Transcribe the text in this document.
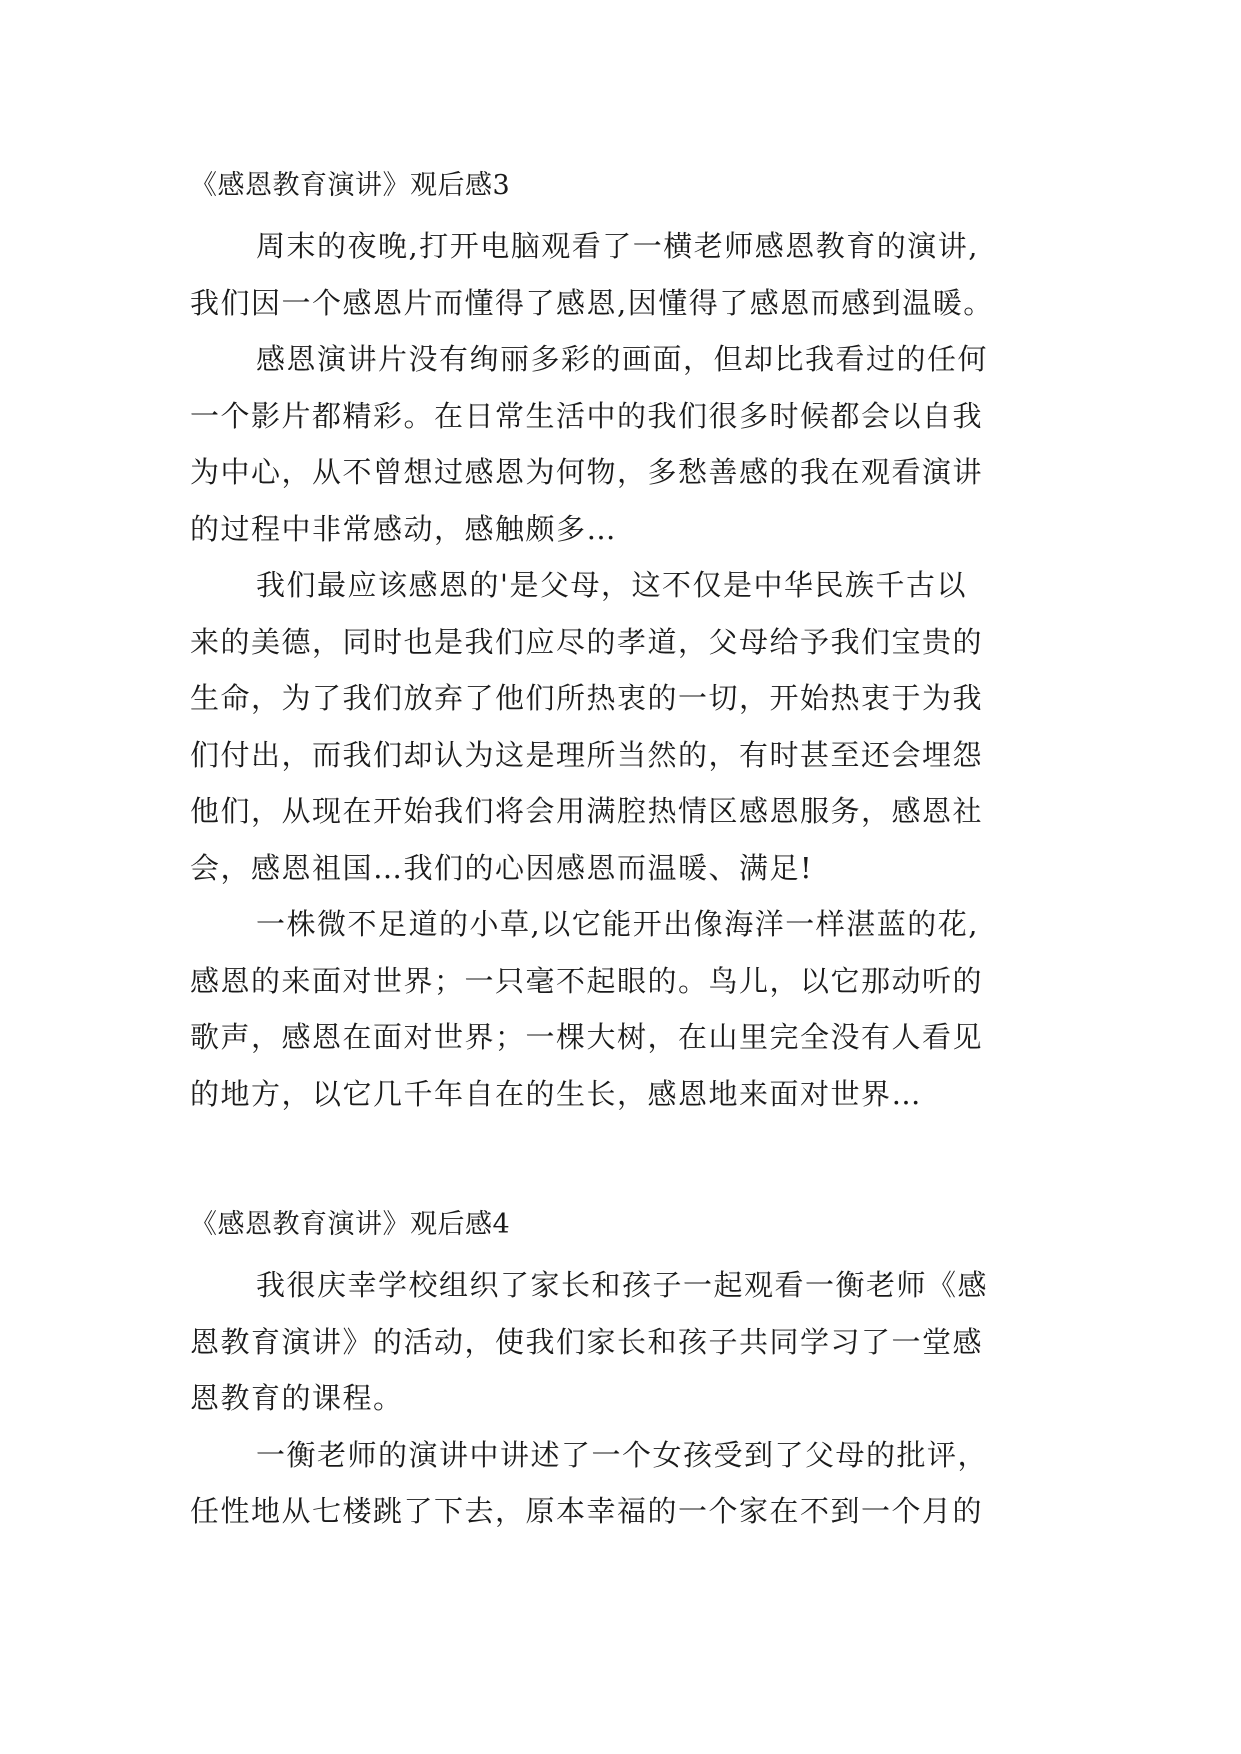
《感恩教育演讲》观后感3
周末的夜晚,打开电脑观看了一横老师感恩教育的演讲,
我们因一个感恩片而懂得了感恩,因懂得了感恩而感到温暖。
感恩演讲片没有绚丽多彩的画面，但却比我看过的任何
一个影片都精彩。在日常生活中的我们很多时候都会以自我
为中心，从不曾想过感恩为何物，多愁善感的我在观看演讲
的过程中非常感动，感触颇多…
我们最应该感恩的'是父母，这不仅是中华民族千古以
来的美德，同时也是我们应尽的孝道，父母给予我们宝贵的
生命，为了我们放弃了他们所热衷的一切，开始热衷于为我
们付出，而我们却认为这是理所当然的，有时甚至还会埋怨
他们，从现在开始我们将会用满腔热情区感恩服务，感恩社
会，感恩祖国…我们的心因感恩而温暖、满足!
一株微不足道的小草,以它能开出像海洋一样湛蓝的花,
感恩的来面对世界；一只毫不起眼的。鸟儿，以它那动听的
歌声，感恩在面对世界；一棵大树，在山里完全没有人看见
的地方，以它几千年自在的生长，感恩地来面对世界…
《感恩教育演讲》观后感4
我很庆幸学校组织了家长和孩子一起观看一衡老师《感
恩教育演讲》的活动，使我们家长和孩子共同学习了一堂感
恩教育的课程。
一衡老师的演讲中讲述了一个女孩受到了父母的批评，
任性地从七楼跳了下去，原本幸福的一个家在不到一个月的
